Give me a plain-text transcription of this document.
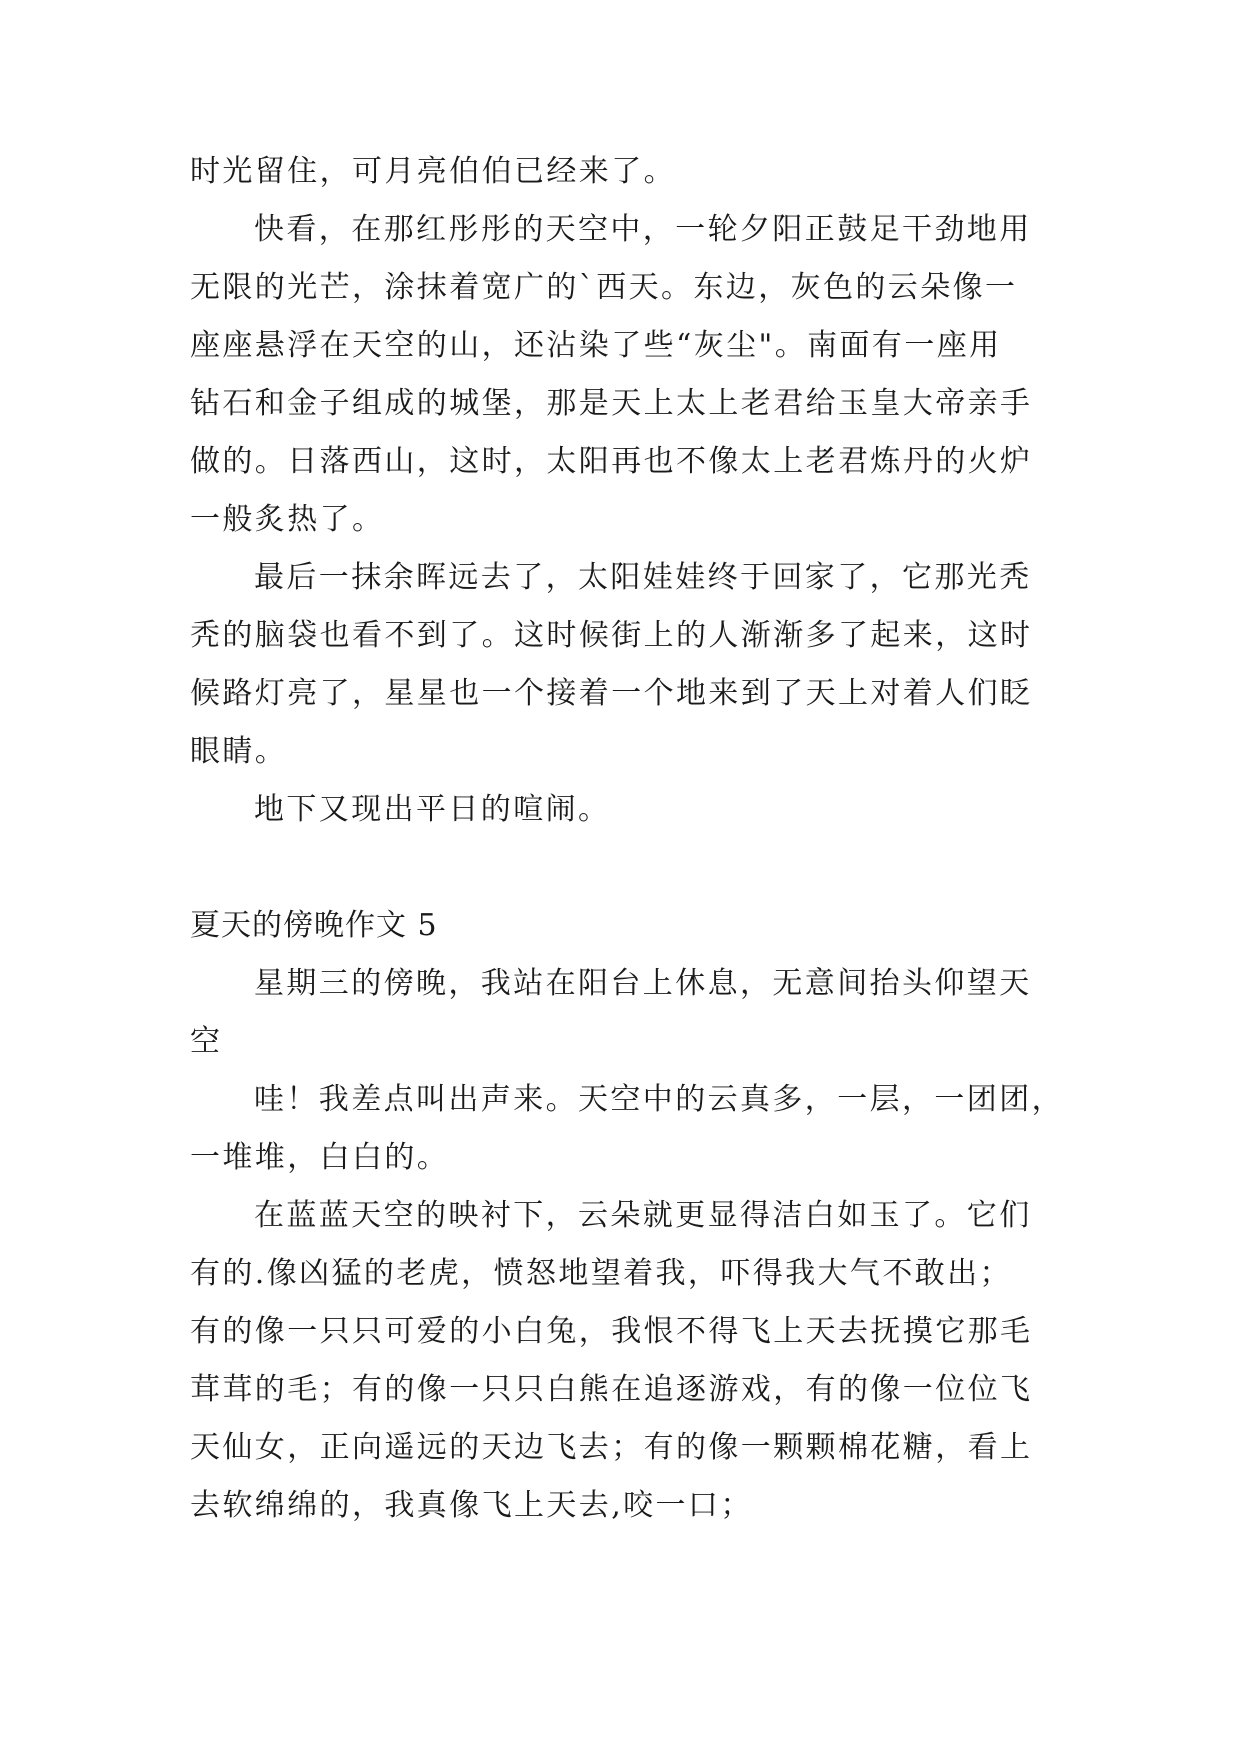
时光留住，可月亮伯伯已经来了。
快看，在那红彤彤的天空中，一轮夕阳正鼓足干劲地用
无限的光芒，涂抹着宽广的`西天。东边，灰色的云朵像一
座座悬浮在天空的山，还沾染了些“灰尘"。南面有一座用
钻石和金子组成的城堡，那是天上太上老君给玉皇大帝亲手
做的。日落西山，这时，太阳再也不像太上老君炼丹的火炉
一般炙热了。
最后一抹余晖远去了，太阳娃娃终于回家了，它那光秃
秃的脑袋也看不到了。这时候街上的人渐渐多了起来，这时
候路灯亮了，星星也一个接着一个地来到了天上对着人们眨
眼睛。
地下又现出平日的喧闹。
夏天的傍晚作文 5
星期三的傍晚，我站在阳台上休息，无意间抬头仰望天
空
哇！我差点叫出声来。天空中的云真多，一层，一团团，
一堆堆，白白的。
在蓝蓝天空的映衬下，云朵就更显得洁白如玉了。它们
有的.像凶猛的老虎，愤怒地望着我，吓得我大气不敢出；
有的像一只只可爱的小白兔，我恨不得飞上天去抚摸它那毛
茸茸的毛；有的像一只只白熊在追逐游戏，有的像一位位飞
天仙女，正向遥远的天边飞去；有的像一颗颗棉花糖，看上
去软绵绵的，我真像飞上天去,咬一口；
